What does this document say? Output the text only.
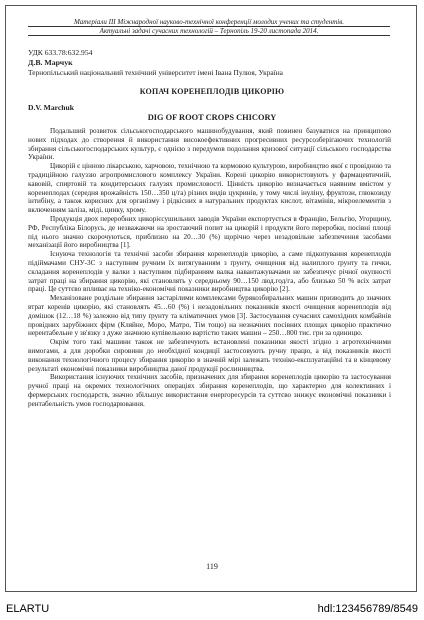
Матеріали ІІІ Міжнародної науково-технічної конференції молодих учених та студентів.
Актуальні задачі сучасних технологій – Тернопіль 19-20 листопада 2014.
УДК 633.78:632.954
Д.В. Марчук
Тернопільський національний технічний університет імені Івана Пулюя, Україна
КОПАЧ КОРЕНЕПЛОДІВ ЦИКОРІЮ
D.V. Marchuk
DIG OF ROOT CROPS CHICORY

Подальший розвиток сільськогосподарського машинобудування, який повинен базуватися на принципово нових підходах до створення й використання високоефективних прогресивних ресурсозберігаючих технологій збирання сільськогосподарських культур, є однією з передумов подолання кризової ситуації сільського господарства України.

Цикорій є цінною лікарською, харчовою, технічною та кормовою культурою, виробництво якої є провідною та традиційною галуззю агропромислового комплексу України. Корені цикорію використовують у фармацевтичній, кавовій, спиртовій та кондитерських галузях промисловості. Цінність цикорію визначається наявним вмістом у коренеплодах (середня врожайність 150…350 ц/га) різних видів цукринів, у тому числі інуліну, фруктози, глюкозиду інтибіну, а також корисних для організму і рідкісних в натуральних продуктах кислот, вітамінів, мікроелементів з включенням заліза, міді, цинку, хрому.

Продукція двох переробних цикорієсушильних заводів України експортується в Францію, Бельгію, Угорщину, РФ, Республіка Білорусь, де незважаючи на зростаючий попит на цикорій і продукти його переробки, посівні площі під нього значно скорочуються, приблизно на 20…30 (%) щорічно через незадовільне забезпечення засобами механізації його виробництва [1].

Існуюча технологія та технічні засоби збирання коренеплодів цикорію, а саме підкопування коренеплодів підіймачами СНУ-3С з наступним ручним їх витягуванням з ґрунту, очищення від налиплого ґрунту та гички, складання коренеплодів у валки з наступним підбиранням валка навантажувачами не забезпечує річної окупності затрат праці на збирання цикорію, які становлять у середньому 90…150 люд.год/га, або близько 50 % всіх затрат праці. Це суттєво впливає на техніко-економічні показники виробництва цикорію [2].

Механізоване роздільне збирання застарілими комплексами бурякозбиральних машин призводить до значних втрат коренів цикорію, які становлять 45…60 (%) і незадовільних показників якості очищення коренеплодів від домішок (12…18 %) залежно від типу ґрунту та кліматичних умов [3]. Застосування сучасних самохідних комбайнів провідних зарубіжних фірм (Кляйне, Моро, Матро, Тім тощо) на незначних посівних площах цикорію практично нерентабельне у зв'язку з дуже значною купівельною вартістю таких машин – 250…800 тис. грн за одиницю.

Окрім того такі машини також не забезпечують встановлені показники якості згідно з агротехнічними вимогами, а для доробки сировини до необхідної кондиції застосовують ручну працю, а від показників якості виконання технологічного процесу збирання цикорію в значній мірі залежать техніко-експлуатаційні та в кінцевому результаті економічні показники виробництва даної продукції рослинництва.

Використання існуючих технічних засобів, призначених для збирання коренеплодів цикорію та застосування ручної праці на окремих технологічних операціях збирання коренеплодів, що характерно для колективних і фермерських господарств, значно збільшує використання енергоресурсів та суттєво знижує економічні показники і рентабельність умов господарювання.

119
ELARTU	hdl:123456789/8549
